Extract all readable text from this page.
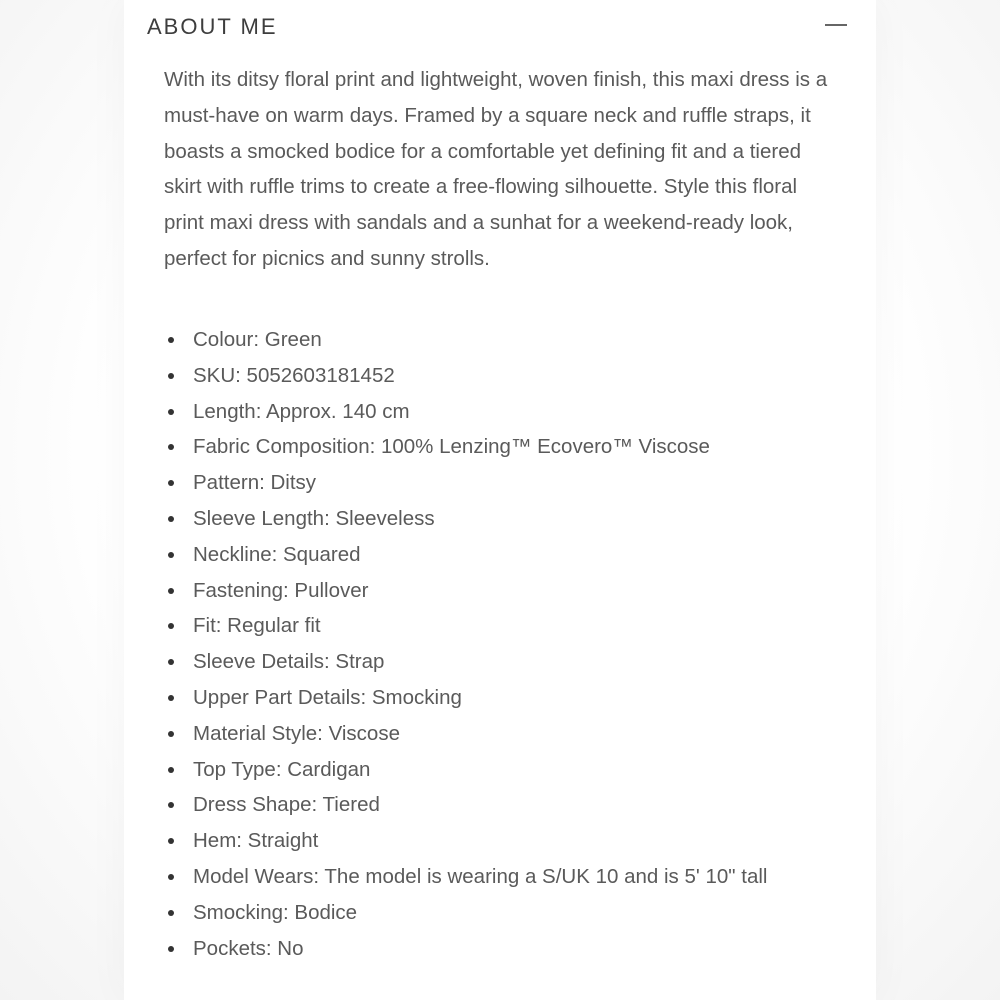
ABOUT ME

With its ditsy floral print and lightweight, woven finish, this maxi dress is a must-have on warm days. Framed by a square neck and ruffle straps, it boasts a smocked bodice for a comfortable yet defining fit and a tiered skirt with ruffle trims to create a free-flowing silhouette. Style this floral print maxi dress with sandals and a sunhat for a weekend-ready look, perfect for picnics and sunny strolls.

Colour: Green
SKU: 5052603181452
Length: Approx. 140 cm
Fabric Composition: 100% Lenzing™ Ecovero™ Viscose
Pattern: Ditsy
Sleeve Length: Sleeveless
Neckline: Squared
Fastening: Pullover
Fit: Regular fit
Sleeve Details: Strap
Upper Part Details: Smocking
Material Style: Viscose
Top Type: Cardigan
Dress Shape: Tiered
Hem: Straight
Model Wears: The model is wearing a S/UK 10 and is 5' 10" tall
Smocking: Bodice
Pockets: No
